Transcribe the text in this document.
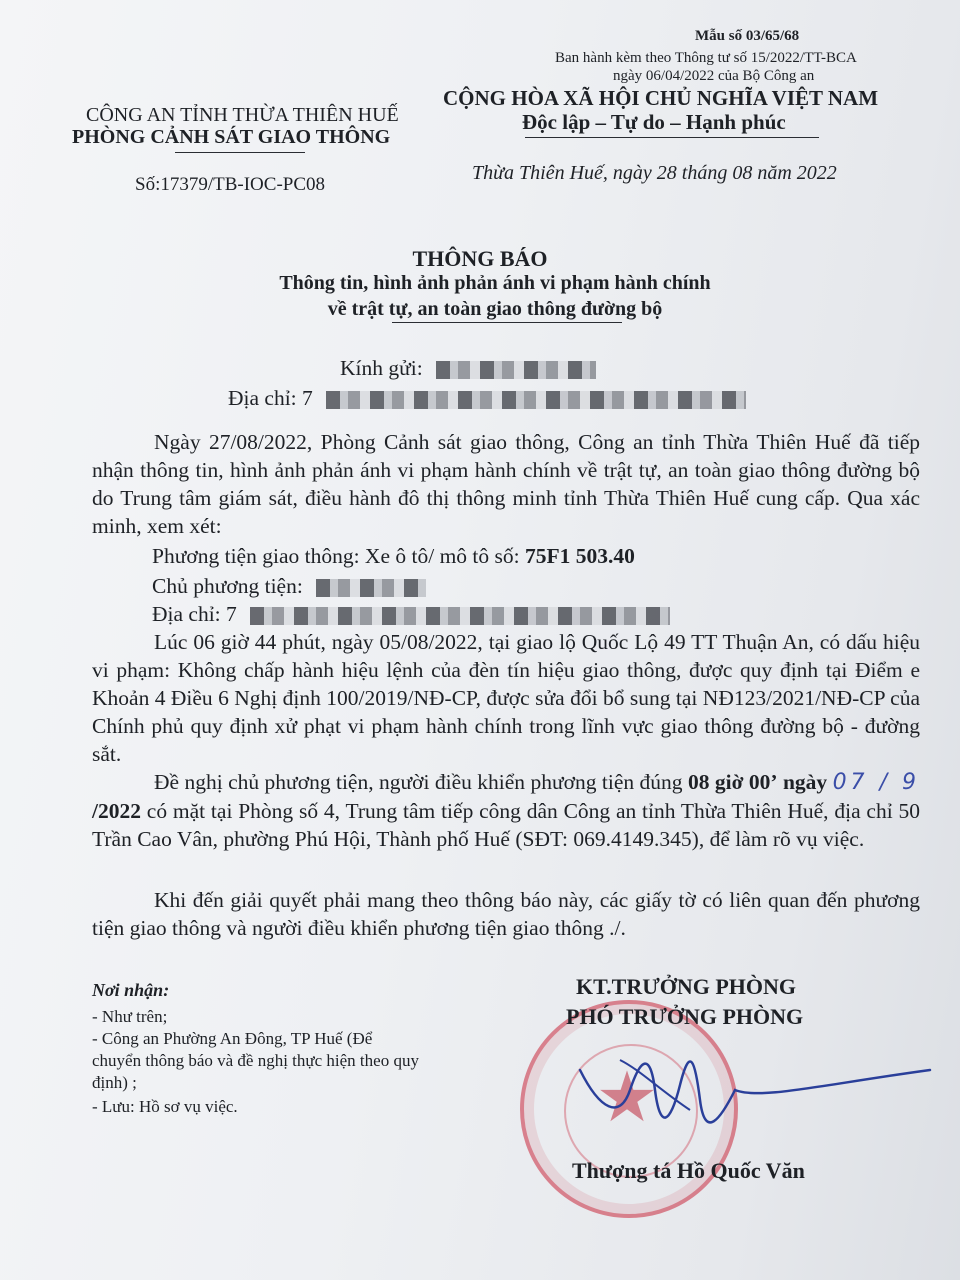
Mẫu số 03/65/68
Ban hành kèm theo Thông tư số 15/2022/TT-BCA
ngày 06/04/2022 của Bộ Công an
CÔNG AN TỈNH THỪA THIÊN HUẾ
PHÒNG CẢNH SÁT GIAO THÔNG
Số:17379/TB-IOC-PC08
CỘNG HÒA XÃ HỘI CHỦ NGHĨA VIỆT NAM
Độc lập – Tự do – Hạnh phúc
Thừa Thiên Huế, ngày 28 tháng 08 năm 2022
THÔNG BÁO
Thông tin, hình ảnh phản ánh vi phạm hành chính
về trật tự, an toàn giao thông đường bộ
Kính gửi:
Địa chỉ: 7
Ngày 27/08/2022, Phòng Cảnh sát giao thông, Công an tỉnh Thừa Thiên Huế đã tiếp nhận thông tin, hình ảnh phản ánh vi phạm hành chính về trật tự, an toàn giao thông đường bộ do Trung tâm giám sát, điều hành đô thị thông minh tỉnh Thừa Thiên Huế cung cấp. Qua xác minh, xem xét:
Phương tiện giao thông: Xe ô tô/ mô tô số: 75F1 503.40
Chủ phương tiện:
Địa chỉ: 7
Lúc 06 giờ 44 phút, ngày 05/08/2022, tại giao lộ Quốc Lộ 49 TT Thuận An, có dấu hiệu vi phạm: Không chấp hành hiệu lệnh của đèn tín hiệu giao thông, được quy định tại Điểm e Khoản 4 Điều 6 Nghị định 100/2019/NĐ-CP, được sửa đổi bổ sung tại NĐ123/2021/NĐ-CP của Chính phủ quy định xử phạt vi phạm hành chính trong lĩnh vực giao thông đường bộ - đường sắt.
Đề nghị chủ phương tiện, người điều khiển phương tiện đúng 08 giờ 00’ ngày 07 / 9 /2022 có mặt tại Phòng số 4, Trung tâm tiếp công dân Công an tỉnh Thừa Thiên Huế, địa chỉ 50 Trần Cao Vân, phường Phú Hội, Thành phố Huế (SĐT: 069.4149.345), để làm rõ vụ việc.
Khi đến giải quyết phải mang theo thông báo này, các giấy tờ có liên quan đến phương tiện giao thông và người điều khiển phương tiện giao thông ./.
Nơi nhận:
- Như trên;
- Công an Phường An Đông, TP Huế (Để
chuyển thông báo và đề nghị thực hiện theo quy
định) ;
- Lưu: Hồ sơ vụ việc.	★
KT.TRƯỞNG PHÒNG
PHÓ TRƯỞNG PHÒNG
Thượng tá Hồ Quốc Văn
